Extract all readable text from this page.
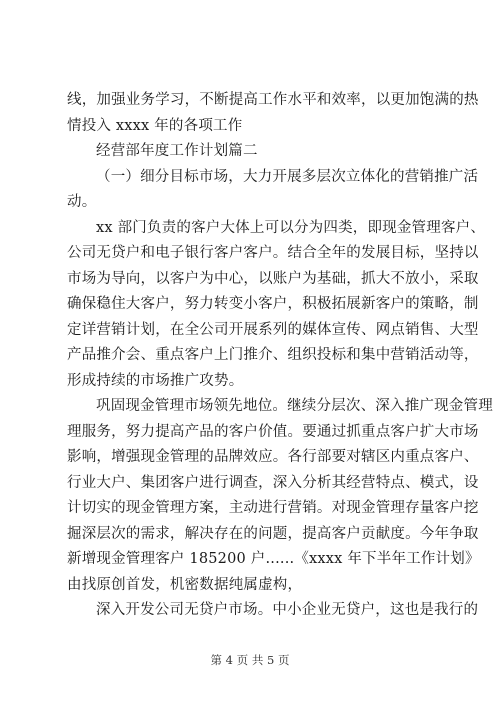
线，加强业务学习，不断提高工作水平和效率，以更加饱满的热
情投入 xxxx 年的各项工作
经营部年度工作计划篇二
（一）细分目标市场，大力开展多层次立体化的营销推广活
动。
xx 部门负责的客户大体上可以分为四类，即现金管理客户、
公司无贷户和电子银行客户客户。结合全年的发展目标，坚持以
市场为导向，以客户为中心，以账户为基础，抓大不放小，采取
确保稳住大客户，努力转变小客户，积极拓展新客户的策略，制
定详营销计划，在全公司开展系列的媒体宣传、网点销售、大型
产品推介会、重点客户上门推介、组织投标和集中营销活动等，
形成持续的市场推广攻势。
巩固现金管理市场领先地位。继续分层次、深入推广现金管理
理服务，努力提高产品的客户价值。要通过抓重点客户扩大市场
影响，增强现金管理的品牌效应。各行部要对辖区内重点客户、
行业大户、集团客户进行调查，深入分析其经营特点、模式，设
计切实的现金管理方案，主动进行营销。对现金管理存量客户挖
掘深层次的需求，解决存在的问题，提高客户贡献度。今年争取
新增现金管理客户 185200 户......《xxxx 年下半年工作计划》
由找原创首发，机密数据纯属虚构，
深入开发公司无贷户市场。中小企业无贷户，这也是我行的
第 4 页 共 5 页
